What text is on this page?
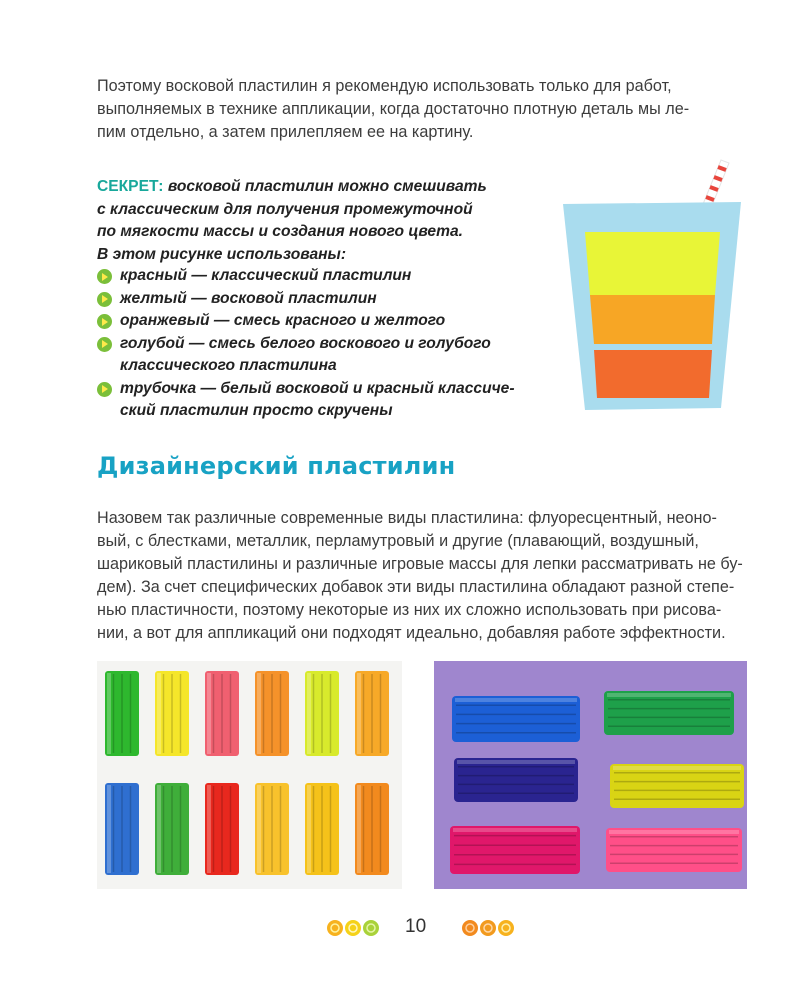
Поэтому восковой пластилин я рекомендую использовать только для работ,
выполняемых в технике аппликации, когда достаточно плотную деталь мы ле-
пим отдельно, а затем прилепляем ее на картину.
СЕКРЕТ: восковой пластилин можно смешивать
с классическим для получения промежуточной
по мягкости массы и создания нового цвета.
В этом рисунке использованы:
красный — классический пластилин
желтый — восковой пластилин
оранжевый — смесь красного и желтого
голубой — смесь белого воскового и голубого
классического пластилина
трубочка — белый восковой и красный классиче-
ский пластилин просто скручены
Дизайнерский пластилин
Назовем так различные современные виды пластилина: флуоресцентный, неоно-
вый, с блестками, металлик, перламутровый и другие (плавающий, воздушный,
шариковый пластилины и различные игровые массы для лепки рассматривать не бу-
дем). За счет специфических добавок эти виды пластилина обладают разной степе-
нью пластичности, поэтому некоторые из них их сложно использовать при рисова-
нии, а вот для аппликаций они подходят идеально, добавляя работе эффектности.
10
